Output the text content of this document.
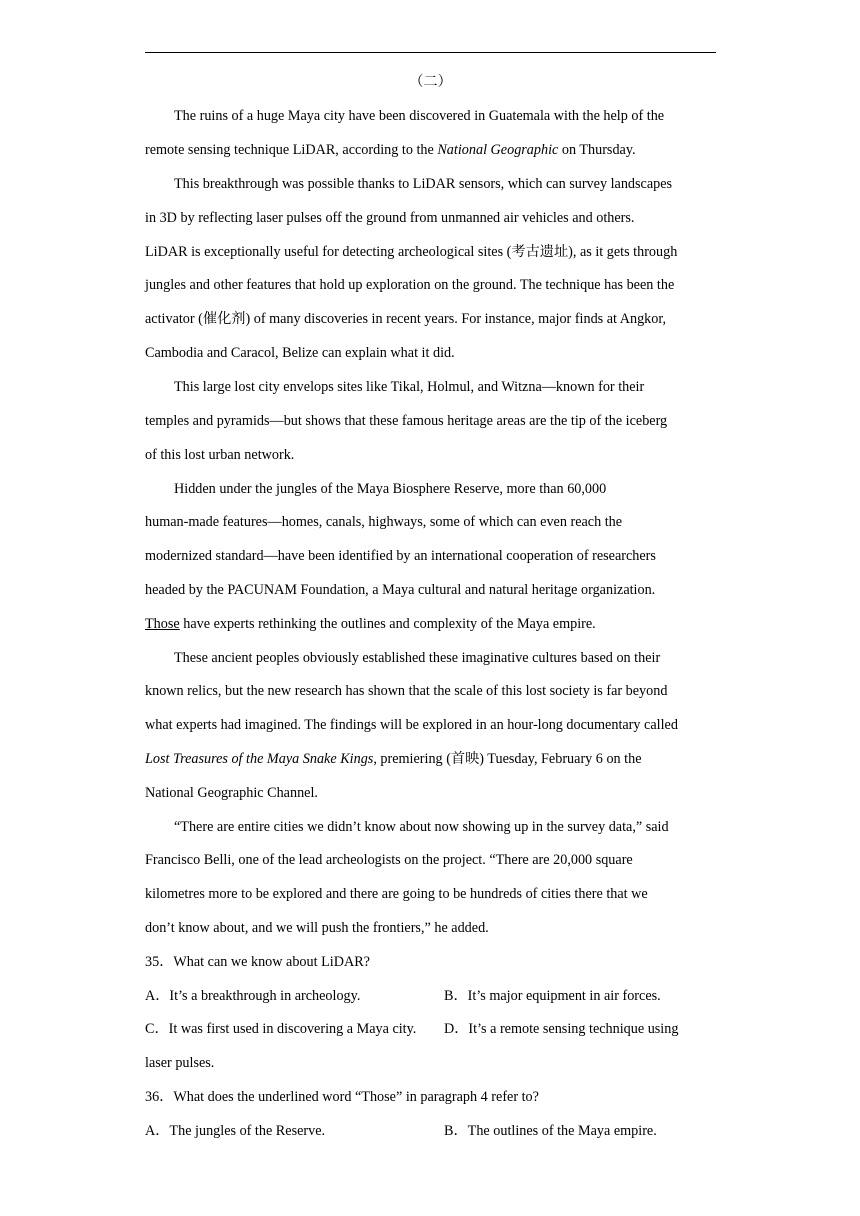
（二）
The ruins of a huge Maya city have been discovered in Guatemala with the help of the
remote sensing technique LiDAR, according to the National Geographic on Thursday.
This breakthrough was possible thanks to LiDAR sensors, which can survey landscapes
in 3D by reflecting laser pulses off the ground from unmanned air vehicles and others.
LiDAR is exceptionally useful for detecting archeological sites (考古遗址), as it gets through
jungles and other features that hold up exploration on the ground. The technique has been the
activator (催化剂) of many discoveries in recent years. For instance, major finds at Angkor,
Cambodia and Caracol, Belize can explain what it did.
This large lost city envelops sites like Tikal, Holmul, and Witzna—known for their
temples and pyramids—but shows that these famous heritage areas are the tip of the iceberg
of this lost urban network.
Hidden under the jungles of the Maya Biosphere Reserve, more than 60,000
human-made features—homes, canals, highways, some of which can even reach the
modernized standard—have been identified by an international cooperation of researchers
headed by the PACUNAM Foundation, a Maya cultural and natural heritage organization.
Those have experts rethinking the outlines and complexity of the Maya empire.
These ancient peoples obviously established these imaginative cultures based on their
known relics, but the new research has shown that the scale of this lost society is far beyond
what experts had imagined. The findings will be explored in an hour-long documentary called
Lost Treasures of the Maya Snake Kings, premiering (首映) Tuesday, February 6 on the
National Geographic Channel.
“There are entire cities we didn’t know about now showing up in the survey data,” said
Francisco Belli, one of the lead archeologists on the project. “There are 20,000 square
kilometres more to be explored and there are going to be hundreds of cities there that we
don’t know about, and we will push the frontiers,” he added.
35．What can we know about LiDAR?
A．It’s a breakthrough in archeology.	B．It’s major equipment in air forces.
C．It was first used in discovering a Maya city. D．It’s a remote sensing technique using
laser pulses.
36．What does the underlined word “Those” in paragraph 4 refer to?
A．The jungles of the Reserve.	B．The outlines of the Maya empire.
